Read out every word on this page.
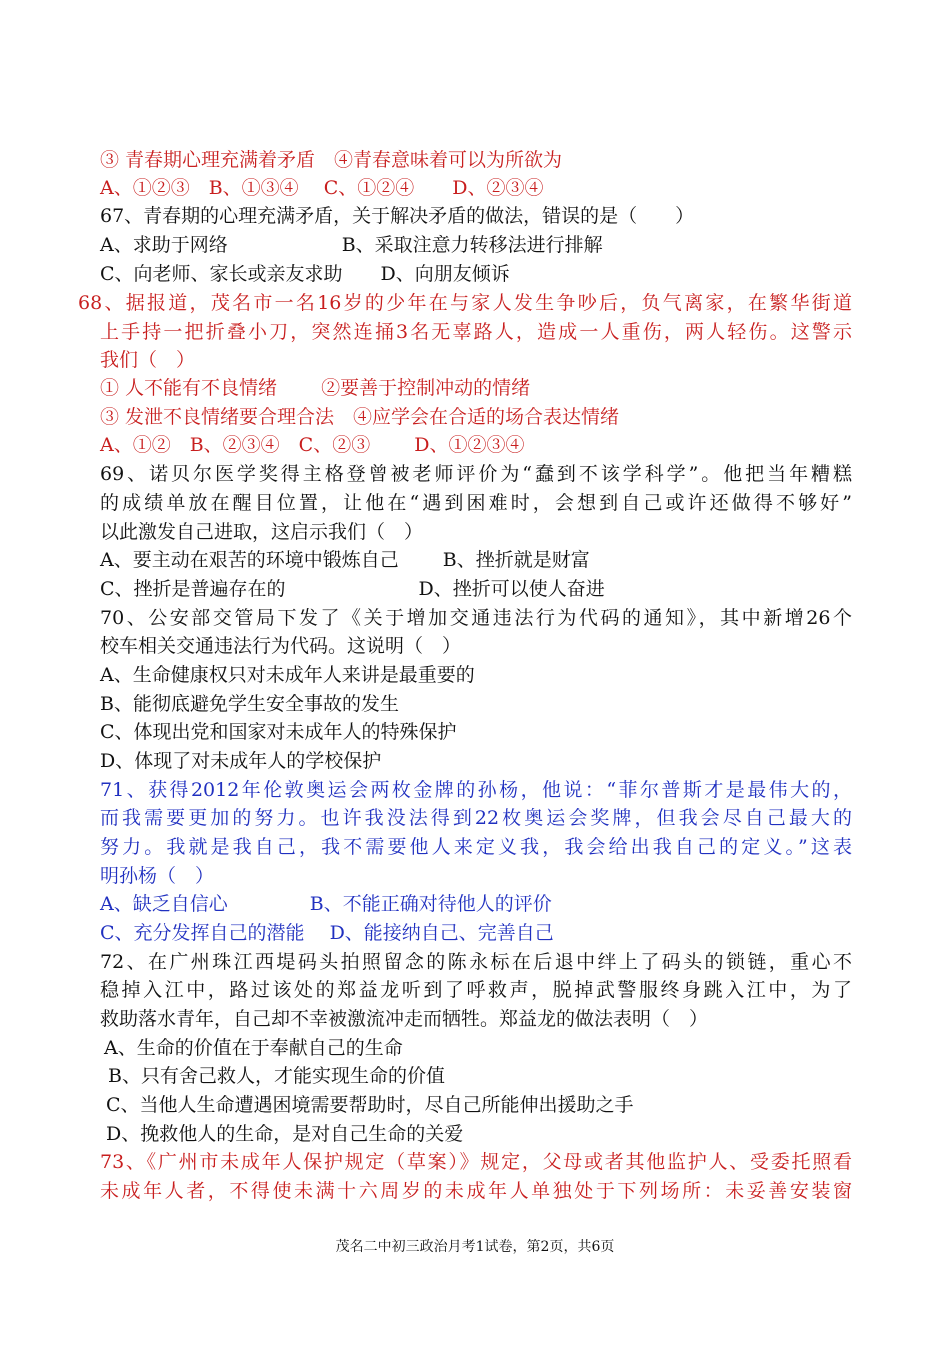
③ 青春期心理充满着矛盾　④青春意味着可以为所欲为
A、①②③　B、①③④　 C、①②④　　D、②③④
67、青春期的心理充满矛盾，关于解决矛盾的做法，错误的是（　　）
A、求助于网络　　　　　　B、采取注意力转移法进行排解
C、向老师、家长或亲友求助　　D、向朋友倾诉
68、据报道，茂名市一名16岁的少年在与家人发生争吵后，负气离家，在繁华街道
上手持一把折叠小刀，突然连捅3名无辜路人，造成一人重伤，两人轻伤。这警示
我们（　）
① 人不能有不良情绪　　 ②要善于控制冲动的情绪
③ 发泄不良情绪要合理合法　④应学会在合适的场合表达情绪
A、①②　B、②③④　C、②③　　 D、①②③④
69、诺贝尔医学奖得主格登曾被老师评价为“蠢到不该学科学”。他把当年糟糕
的成绩单放在醒目位置，让他在“遇到困难时，会想到自己或许还做得不够好”
以此激发自己进取，这启示我们（　）
A、要主动在艰苦的环境中锻炼自己　　 B、挫折就是财富
C、挫折是普遍存在的　　　　　　　D、挫折可以使人奋进
70、公安部交管局下发了《关于增加交通违法行为代码的通知》，其中新增26个
校车相关交通违法行为代码。这说明（　）
A、生命健康权只对未成年人来讲是最重要的
B、能彻底避免学生安全事故的发生
C、体现出党和国家对未成年人的特殊保护
D、体现了对未成年人的学校保护
71、获得2012年伦敦奥运会两枚金牌的孙杨，他说：“菲尔普斯才是最伟大的，
而我需要更加的努力。也许我没法得到22枚奥运会奖牌，但我会尽自己最大的
努力。我就是我自己，我不需要他人来定义我，我会给出我自己的定义。”这表
明孙杨（　）
A、缺乏自信心　　　　 B、不能正确对待他人的评价
C、充分发挥自己的潜能　 D、能接纳自己、完善自己
72、在广州珠江西堤码头拍照留念的陈永标在后退中绊上了码头的锁链，重心不
稳掉入江中，路过该处的郑益龙听到了呼救声，脱掉武警服终身跳入江中，为了
救助落水青年，自己却不幸被激流冲走而牺牲。郑益龙的做法表明（　）
A、生命的价值在于奉献自己的生命
B、只有舍己救人，才能实现生命的价值
C、当他人生命遭遇困境需要帮助时，尽自己所能伸出援助之手
D、挽救他人的生命，是对自己生命的关爱
73、《广州市未成年人保护规定（草案）》规定，父母或者其他监护人、受委托照看
未成年人者，不得使未满十六周岁的未成年人单独处于下列场所：未妥善安装窗
茂名二中初三政治月考1试卷，第2页，共6页
